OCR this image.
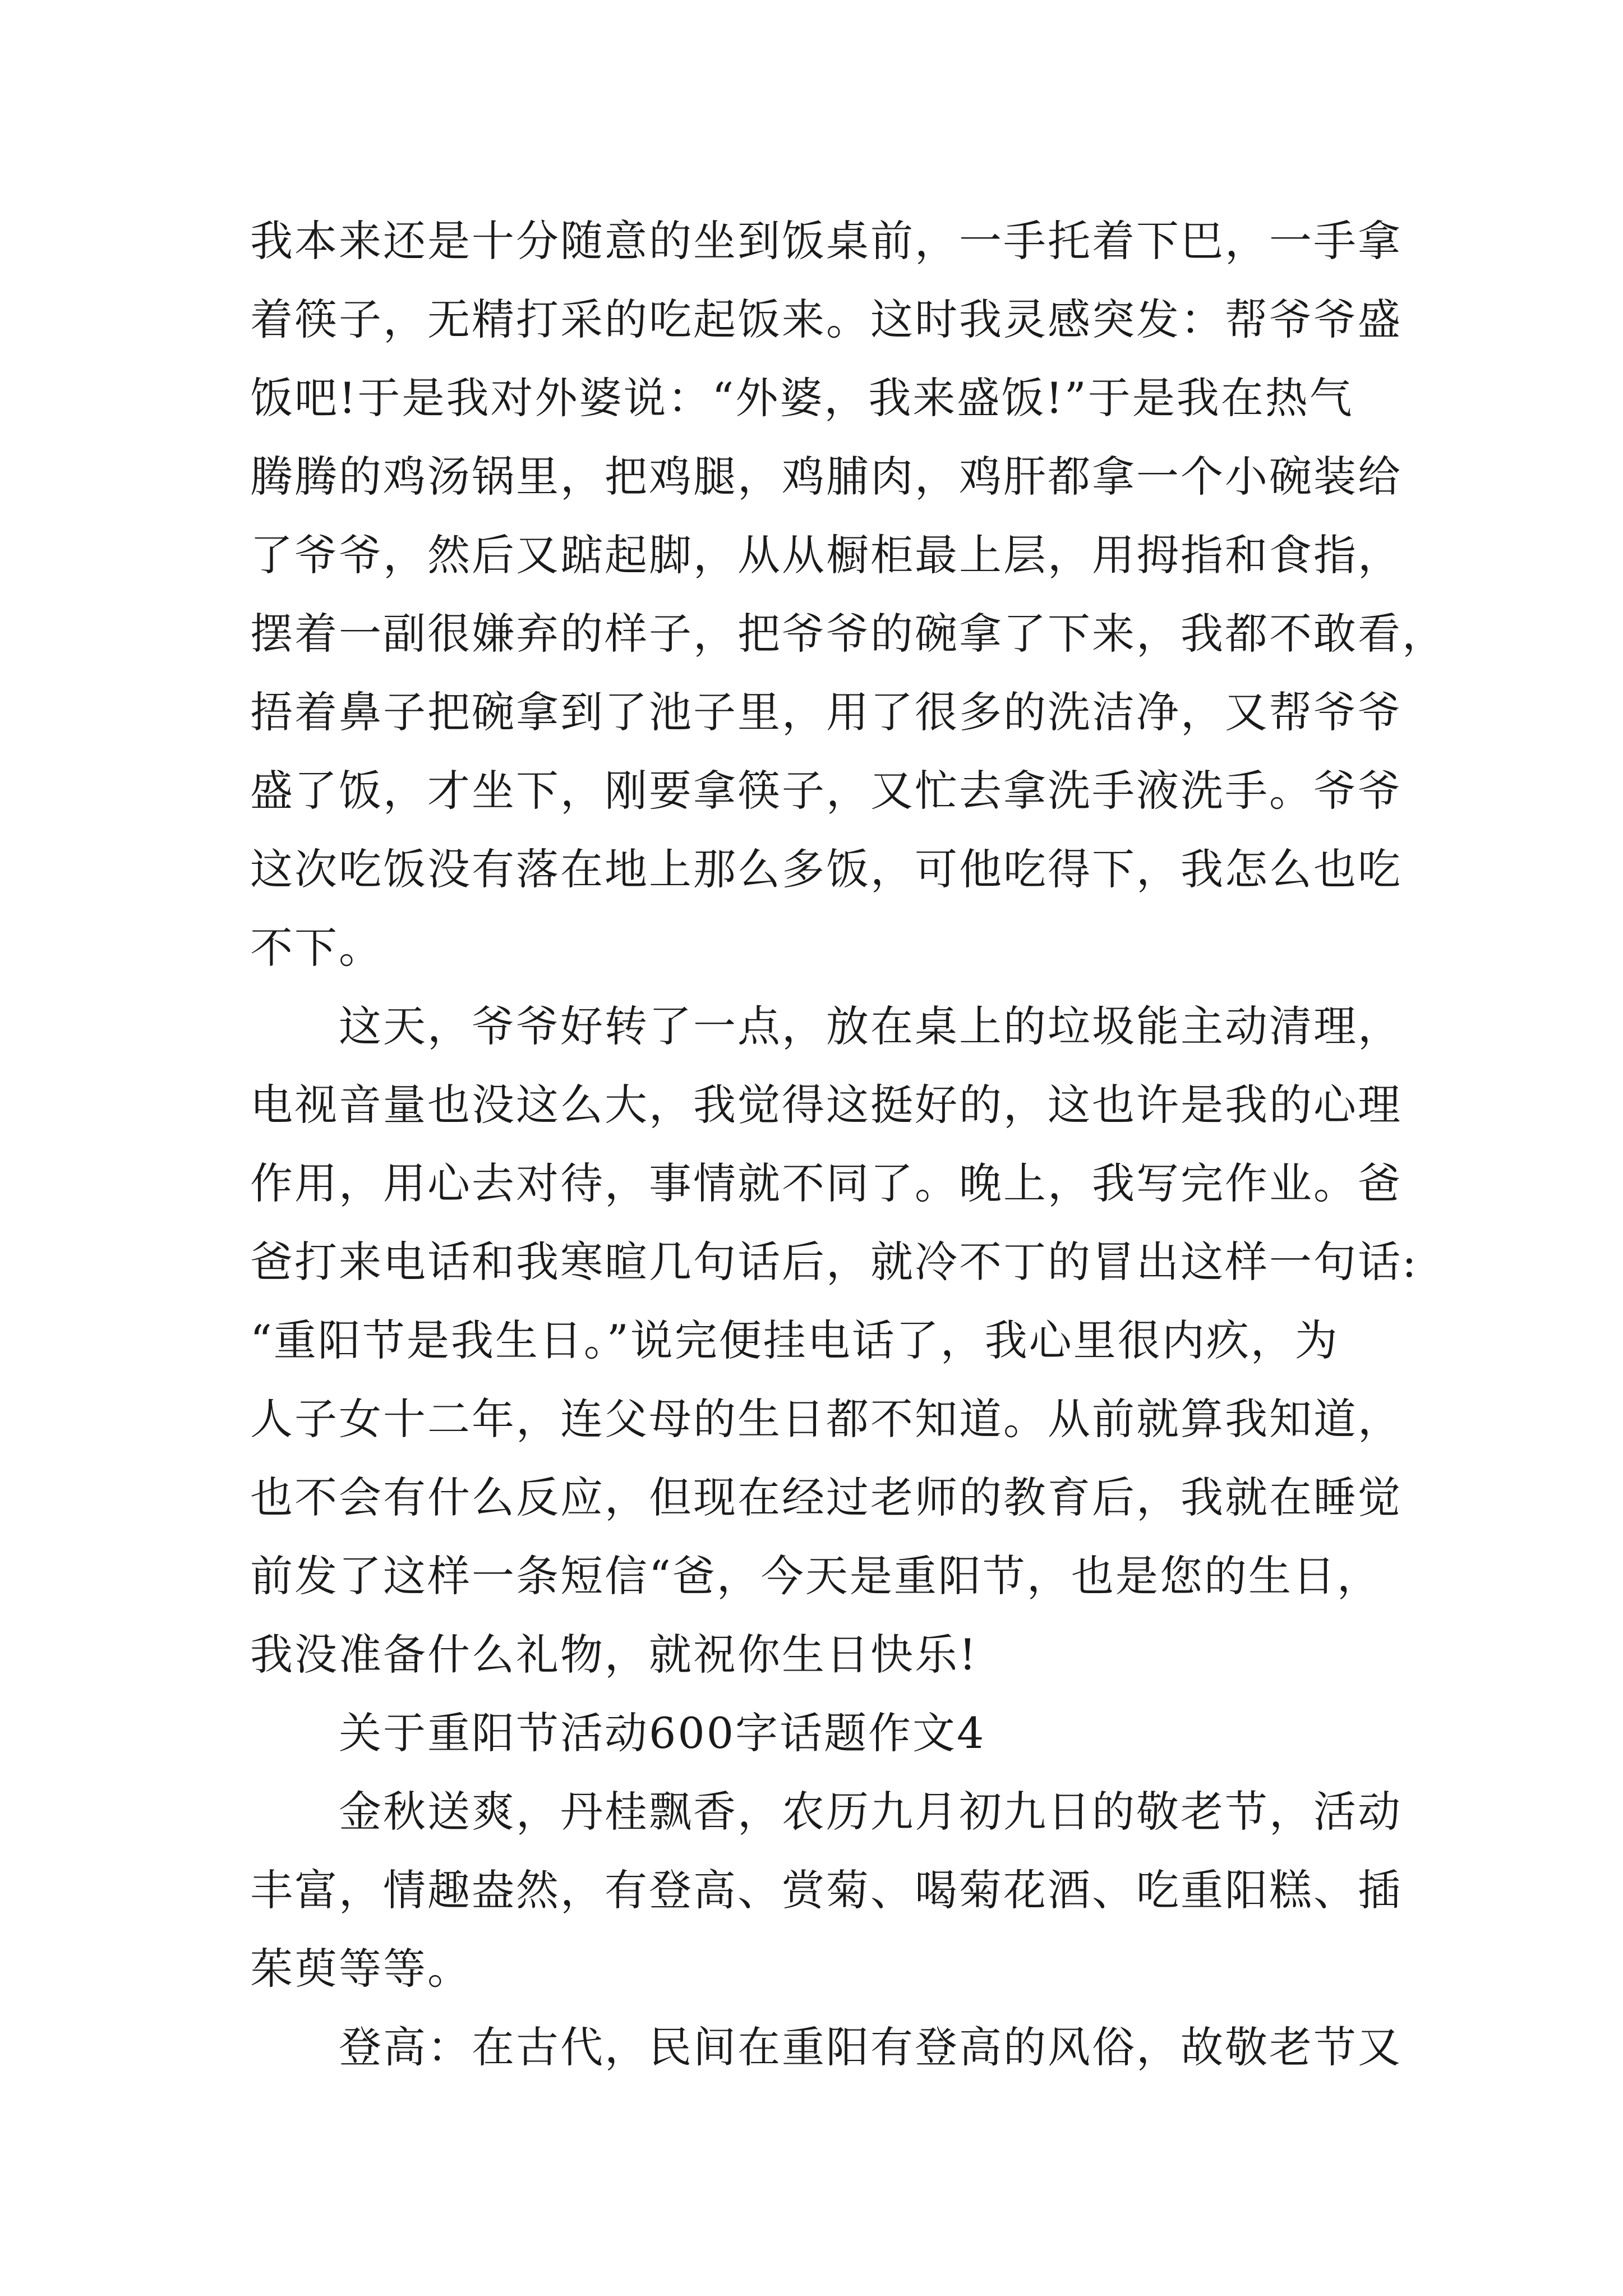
我本来还是十分随意的坐到饭桌前，一手托着下巴，一手拿
着筷子，无精打采的吃起饭来。这时我灵感突发：帮爷爷盛
饭吧!于是我对外婆说：“外婆，我来盛饭!”于是我在热气
腾腾的鸡汤锅里，把鸡腿，鸡脯肉，鸡肝都拿一个小碗装给
了爷爷，然后又踮起脚，从从橱柜最上层，用拇指和食指，
摆着一副很嫌弃的样子，把爷爷的碗拿了下来，我都不敢看，
捂着鼻子把碗拿到了池子里，用了很多的洗洁净，又帮爷爷
盛了饭，才坐下，刚要拿筷子，又忙去拿洗手液洗手。爷爷
这次吃饭没有落在地上那么多饭，可他吃得下，我怎么也吃
不下。
这天，爷爷好转了一点，放在桌上的垃圾能主动清理，
电视音量也没这么大，我觉得这挺好的，这也许是我的心理
作用，用心去对待，事情就不同了。晚上，我写完作业。爸
爸打来电话和我寒暄几句话后，就冷不丁的冒出这样一句话:
“重阳节是我生日。”说完便挂电话了，我心里很内疚，为
人子女十二年，连父母的生日都不知道。从前就算我知道，
也不会有什么反应，但现在经过老师的教育后，我就在睡觉
前发了这样一条短信“爸，今天是重阳节，也是您的生日，
我没准备什么礼物，就祝你生日快乐!
关于重阳节活动600字话题作文4
金秋送爽，丹桂飘香，农历九月初九日的敬老节，活动
丰富，情趣盎然，有登高、赏菊、喝菊花酒、吃重阳糕、插
茱萸等等。
登高：在古代，民间在重阳有登高的风俗，故敬老节又
